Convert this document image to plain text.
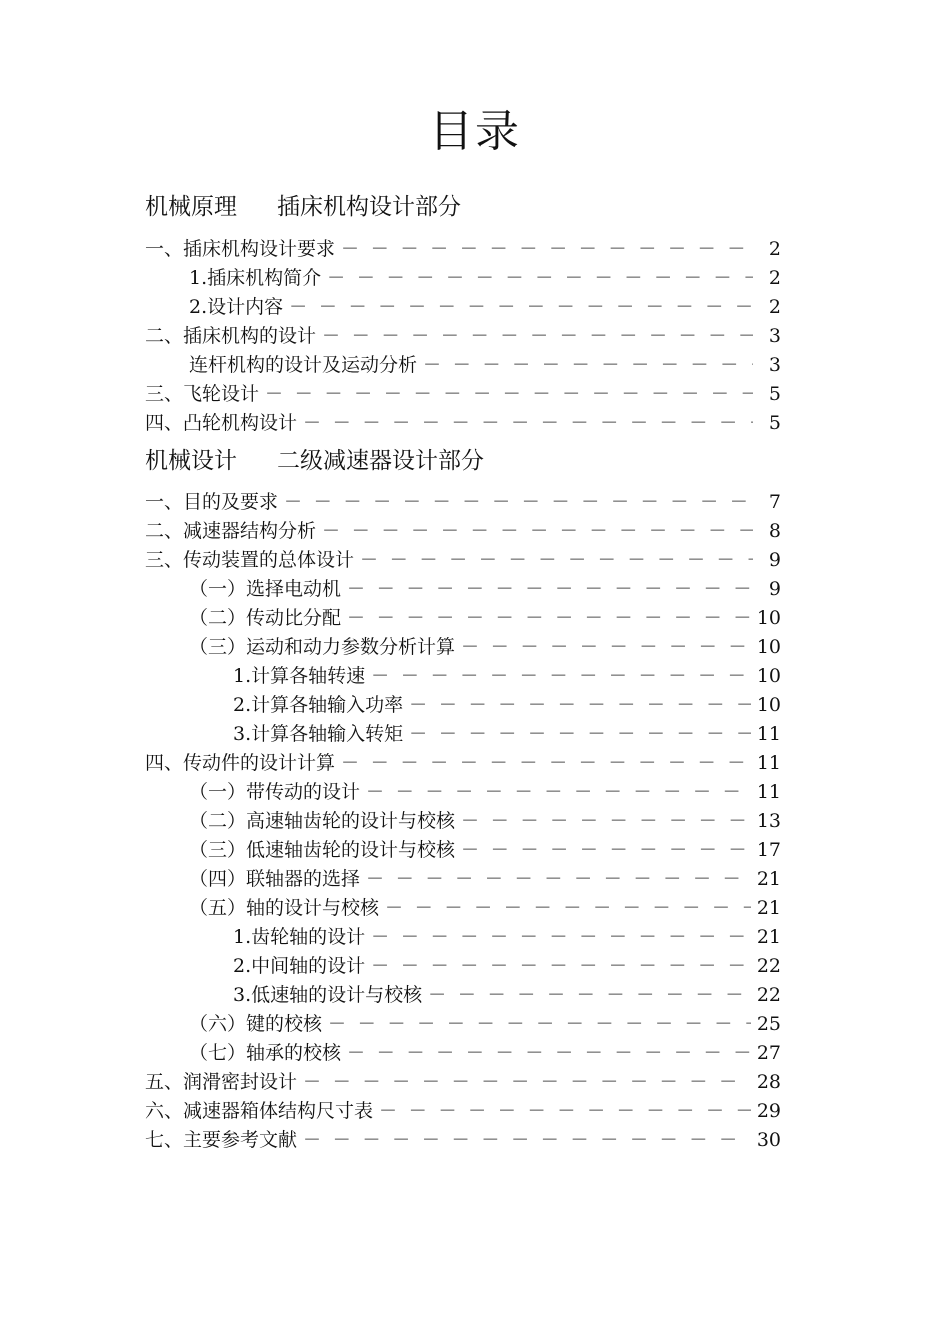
目录
机械原理 插床机构设计部分
一、插床机构设计要求 － － － － － － － － － － － － － － － － － － － － － － － － － － － － － － －	2
1.插床机构简介 － － － － － － － － － － － － － － － － － － － － － － － － － － － － － － －	2
2.设计内容 － － － － － － － － － － － － － － － － － － － － － － － － － － － － － － －	2
二、插床机构的设计 － － － － － － － － － － － － － － － － － － － － － － － － － － － － － － －	3
连杆机构的设计及运动分析 － － － － － － － － － － － － － － － － － － － － － － － － － － － － － － －	3
三、飞轮设计 － － － － － － － － － － － － － － － － － － － － － － － － － － － － － － －	5
四、凸轮机构设计 － － － － － － － － － － － － － － － － － － － － － － － － － － － － － － －	5
机械设计 二级减速器设计部分
一、目的及要求 － － － － － － － － － － － － － － － － － － － － － － － － － － － － － － －	7
二、减速器结构分析 － － － － － － － － － － － － － － － － － － － － － － － － － － － － － － －	8
三、传动装置的总体设计 － － － － － － － － － － － － － － － － － － － － － － － － － － － － － － －	9
（一）选择电动机 － － － － － － － － － － － － － － － － － － － － － － － － － － － － － － －	9
（二）传动比分配 － － － － － － － － － － － － － － － － － － － － － － － － － － － － － － －	10
（三）运动和动力参数分析计算 － － － － － － － － － － － － － － － － － － － － － － － － － － － － － － －	10
1.计算各轴转速 － － － － － － － － － － － － － － － － － － － － － － － － － － － － － － －	10
2.计算各轴输入功率 － － － － － － － － － － － － － － － － － － － － － － － － － － － － － － －	10
3.计算各轴输入转矩 － － － － － － － － － － － － － － － － － － － － － － － － － － － － － － －	11
四、传动件的设计计算 － － － － － － － － － － － － － － － － － － － － － － － － － － － － － － －	11
（一）带传动的设计 － － － － － － － － － － － － － － － － － － － － － － － － － － － － － － －	11
（二）高速轴齿轮的设计与校核 － － － － － － － － － － － － － － － － － － － － － － － － － － － － － － －	13
（三）低速轴齿轮的设计与校核 － － － － － － － － － － － － － － － － － － － － － － － － － － － － － － －	17
（四）联轴器的选择 － － － － － － － － － － － － － － － － － － － － － － － － － － － － － － －	21
（五）轴的设计与校核 － － － － － － － － － － － － － － － － － － － － － － － － － － － － － － －	21
1.齿轮轴的设计 － － － － － － － － － － － － － － － － － － － － － － － － － － － － － － －	21
2.中间轴的设计 － － － － － － － － － － － － － － － － － － － － － － － － － － － － － － －	22
3.低速轴的设计与校核 － － － － － － － － － － － － － － － － － － － － － － － － － － － － － － －	22
（六）键的校核 － － － － － － － － － － － － － － － － － － － － － － － － － － － － － － －	25
（七）轴承的校核 － － － － － － － － － － － － － － － － － － － － － － － － － － － － － － －	27
五、润滑密封设计 － － － － － － － － － － － － － － － － － － － － － － － － － － － － － － －	28
六、减速器箱体结构尺寸表 － － － － － － － － － － － － － － － － － － － － － － － － － － － － － － －	29
七、主要参考文献 － － － － － － － － － － － － － － － － － － － － － － － － － － － － － － －	30
